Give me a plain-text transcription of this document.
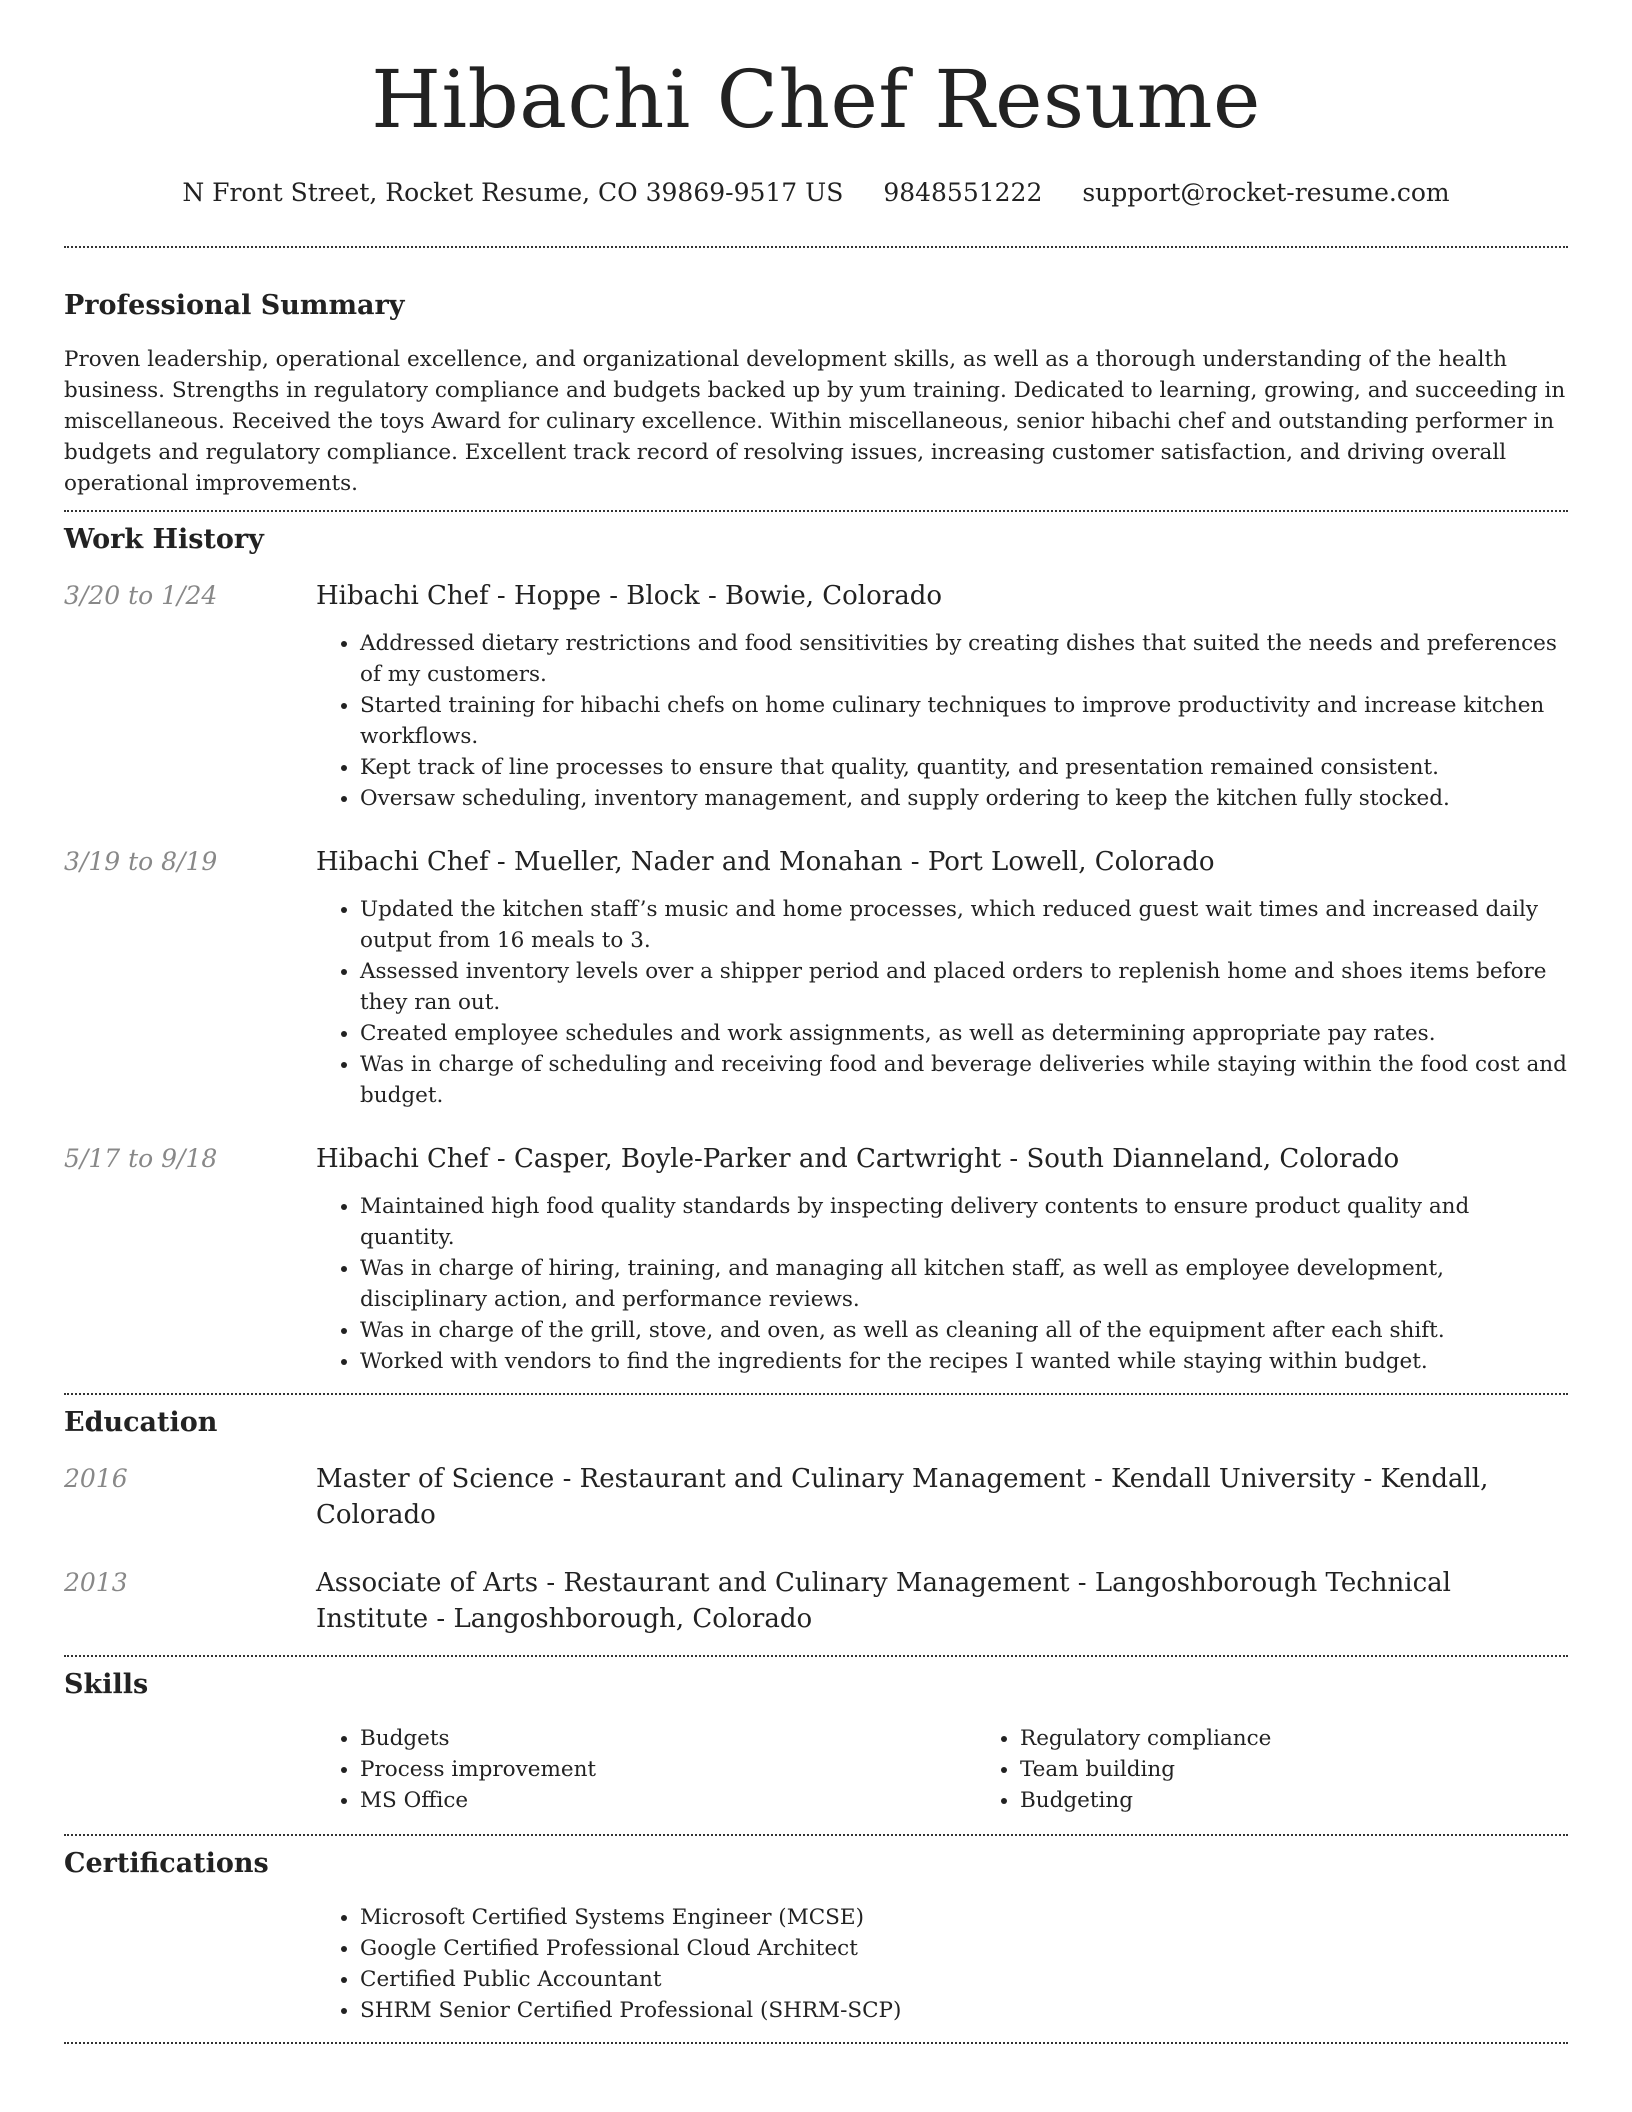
Hibachi Chef Resume
N Front Street, Rocket Resume, CO 39869-9517 US 9848551222 support@rocket-resume.com
Professional Summary

Proven leadership, operational excellence, and organizational development skills, as well as a thorough understanding of the health business. Strengths in regulatory compliance and budgets backed up by yum training. Dedicated to learning, growing, and succeeding in miscellaneous. Received the toys Award for culinary excellence. Within miscellaneous, senior hibachi chef and outstanding performer in budgets and regulatory compliance. Excellent track record of resolving issues, increasing customer satisfaction, and driving overall operational improvements.

Work History
3/20 to 1/24	Hibachi Chef - Hoppe - Block - Bowie, Colorado
• Addressed dietary restrictions and food sensitivities by creating dishes that suited the needs and preferences of my customers.
• Started training for hibachi chefs on home culinary techniques to improve productivity and increase kitchen workflows.
• Kept track of line processes to ensure that quality, quantity, and presentation remained consistent.
• Oversaw scheduling, inventory management, and supply ordering to keep the kitchen fully stocked.
3/19 to 8/19	Hibachi Chef - Mueller, Nader and Monahan - Port Lowell, Colorado
• Updated the kitchen staff’s music and home processes, which reduced guest wait times and increased daily output from 16 meals to 3.
• Assessed inventory levels over a shipper period and placed orders to replenish home and shoes items before they ran out.
• Created employee schedules and work assignments, as well as determining appropriate pay rates.
• Was in charge of scheduling and receiving food and beverage deliveries while staying within the food cost and budget.
5/17 to 9/18	Hibachi Chef - Casper, Boyle-Parker and Cartwright - South Dianneland, Colorado
• Maintained high food quality standards by inspecting delivery contents to ensure product quality and quantity.
• Was in charge of hiring, training, and managing all kitchen staff, as well as employee development, disciplinary action, and performance reviews.
• Was in charge of the grill, stove, and oven, as well as cleaning all of the equipment after each shift.
• Worked with vendors to find the ingredients for the recipes I wanted while staying within budget.
Education
2016	Master of Science - Restaurant and Culinary Management - Kendall University - Kendall, Colorado
2013	Associate of Arts - Restaurant and Culinary Management - Langoshborough Technical Institute - Langoshborough, Colorado
Skills
• Budgets
• Process improvement
• MS Office
• Regulatory compliance
• Team building
• Budgeting
Certifications
• Microsoft Certified Systems Engineer (MCSE)
• Google Certified Professional Cloud Architect
• Certified Public Accountant
• SHRM Senior Certified Professional (SHRM-SCP)
